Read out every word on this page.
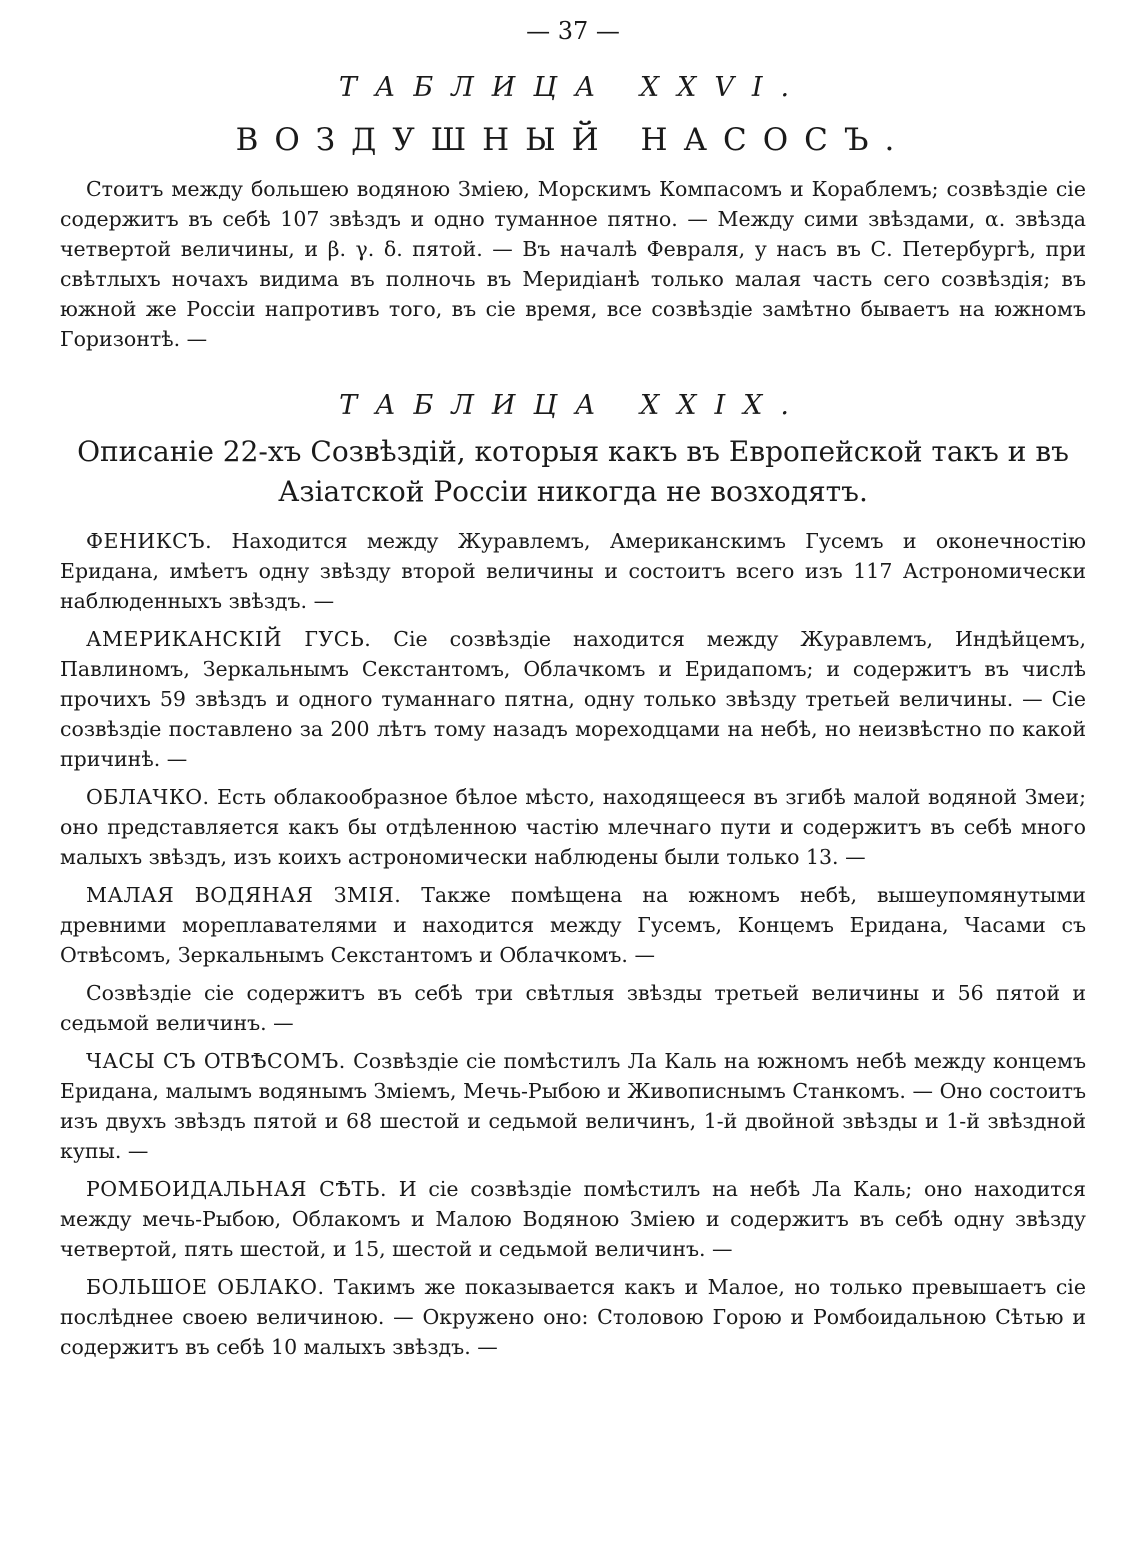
— 37 —

ТАБЛИЦА XXVI.

ВОЗДУШНЫЙ НАСОСЪ.

Стоитъ между большею водяною Змiею, Морскимъ Компасомъ и Кораблемъ; созвѣздiе сiе содержитъ въ себѣ 107 звѣздъ и одно туманное пятно. — Между сими звѣздами, α. звѣзда четвертой величины, и β. γ. δ. пятой. — Въ началѣ Февраля, у насъ въ С. Петербургѣ, при свѣтлыхъ ночахъ видима въ полночь въ Меридiанѣ только малая часть сего созвѣздiя; въ южной же Россiи напротивъ того, въ сiе время, все созвѣздiе замѣтно бываетъ на южномъ Горизонтѣ. —

ТАБЛИЦА XXIX.

Описанiе 22-хъ Созвѣздiй, которыя какъ въ Европейской такъ и въ
Азiатской Россiи никогда не возходятъ.

ФЕНИКСЪ. Находится между Журавлемъ, Американскимъ Гусемъ и оконечностiю Еридана, имѣетъ одну звѣзду второй величины и состоитъ всего изъ 117 Астрономически наблюденныхъ звѣздъ. —

АМЕРИКАНСКIЙ ГУСЬ. Сiе созвѣздiе находится между Журавлемъ, Индѣйцемъ, Павлиномъ, Зеркальнымъ Секстантомъ, Облачкомъ и Еридапомъ; и содержитъ въ числѣ прочихъ 59 звѣздъ и одного туманнаго пятна, одну только звѣзду третьей величины. — Сiе созвѣздiе поставлено за 200 лѣтъ тому назадъ мореходцами на небѣ, но неизвѣстно по какой причинѣ. —

ОБЛАЧКО. Есть облакообразное бѣлое мѣсто, находящееся въ згибѣ малой водяной Змеи; оно представляется какъ бы отдѣленною частiю млечнаго пути и содержитъ въ себѣ много малыхъ звѣздъ, изъ коихъ астрономически наблюдены были только 13. —

МАЛАЯ ВОДЯНАЯ ЗМIЯ. Также помѣщена на южномъ небѣ, вышеупомянутыми древними мореплавателями и находится между Гусемъ, Концемъ Еридана, Часами съ Отвѣсомъ, Зеркальнымъ Секстантомъ и Облачкомъ. —

Созвѣздiе сiе содержитъ въ себѣ три свѣтлыя звѣзды третьей величины и 56 пятой и седьмой величинъ. —

ЧАСЫ СЪ ОТВѢСОМЪ. Созвѣздiе сiе помѣстилъ Ла Каль на южномъ небѣ между концемъ Еридана, малымъ водянымъ Змiемъ, Мечь-Рыбою и Живописнымъ Станкомъ. — Оно состоитъ изъ двухъ звѣздъ пятой и 68 шестой и седьмой величинъ, 1-й двойной звѣзды и 1-й звѣздной купы. —

РОМБОИДАЛЬНАЯ СѢТЬ. И сiе созвѣздiе помѣстилъ на небѣ Ла Каль; оно находится между мечь-Рыбою, Облакомъ и Малою Водяною Змiею и содержитъ въ себѣ одну звѣзду четвертой, пять шестой, и 15, шестой и седьмой величинъ. —

БОЛЬШОЕ ОБЛАКО. Такимъ же показывается какъ и Малое, но только превышаетъ сiе послѣднее своею величиною. — Окружено оно: Столовою Горою и Ромбоидальною Сѣтью и содержитъ въ себѣ 10 малыхъ звѣздъ. —
